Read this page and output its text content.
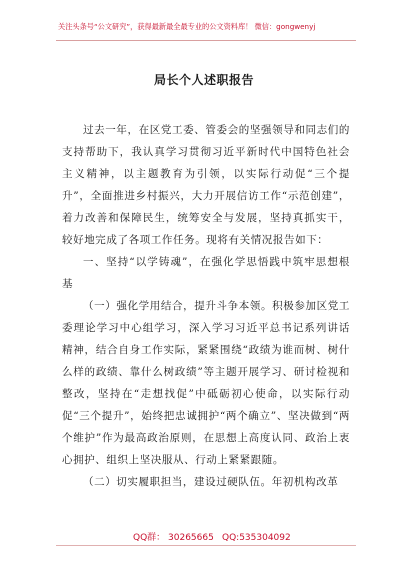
关注头条号“公文研究”，获得最新最全最专业的公文资料库！ 微信：gongwenyj
局长个人述职报告

过去一年，在区党工委、管委会的坚强领导和同志们的支持帮助下，我认真学习贯彻习近平新时代中国特色社会主义精神，以主题教育为引领，以实际行动促“三个提升”，全面推进乡村振兴，大力开展信访工作“示范创建”，着力改善和保障民生，统筹安全与发展，坚持真抓实干，较好地完成了各项工作任务。现将有关情况报告如下：

一、坚持“以学铸魂”，在强化学思悟践中筑牢思想根基

（一）强化学用结合，提升斗争本领。积极参加区党工委理论学习中心组学习，深入学习习近平总书记系列讲话精神，结合自身工作实际，紧紧围绕“政绩为谁而树、树什么样的政绩、靠什么树政绩”等主题开展学习、研讨检视和整改，坚持在“走想找促”中砥砺初心使命，以实际行动促“三个提升”，始终把忠诚拥护“两个确立”、坚决做到“两个维护”作为最高政治原则，在思想上高度认同、政治上衷心拥护、组织上坚决服从、行动上紧紧跟随。

（二）切实履职担当，建设过硬队伍。年初机构改革

QQ群： 30265665 QQ:535304092
